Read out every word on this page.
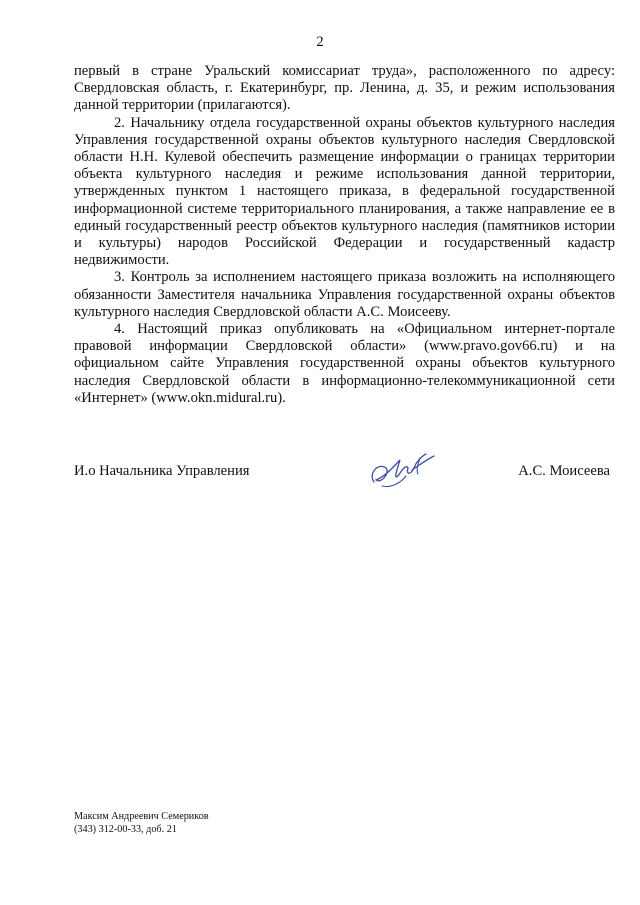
2

первый в стране Уральский комиссариат труда», расположенного по адресу: Свердловская область, г. Екатеринбург, пр. Ленина, д. 35, и режим использования данной территории (прилагаются).

2. Начальнику отдела государственной охраны объектов культурного наследия Управления государственной охраны объектов культурного наследия Свердловской области Н.Н. Кулевой обеспечить размещение информации о границах территории объекта культурного наследия и режиме использования данной территории, утвержденных пунктом 1 настоящего приказа, в федеральной государственной информационной системе территориального планирования, а также направление ее в единый государственный реестр объектов культурного наследия (памятников истории и культуры) народов Российской Федерации и государственный кадастр недвижимости.

3. Контроль за исполнением настоящего приказа возложить на исполняющего обязанности Заместителя начальника Управления государственной охраны объектов культурного наследия Свердловской области А.С. Моисееву.

4. Настоящий приказ опубликовать на «Официальном интернет-портале правовой информации Свердловской области» (www.pravo.gov66.ru) и на официальном сайте Управления государственной охраны объектов культурного наследия Свердловской области в информационно-телекоммуникационной сети «Интернет» (www.okn.midural.ru).

И.о Начальника Управления	А.С. Моисеева
Максим Андреевич Семериков
(343) 312-00-33, доб. 21
